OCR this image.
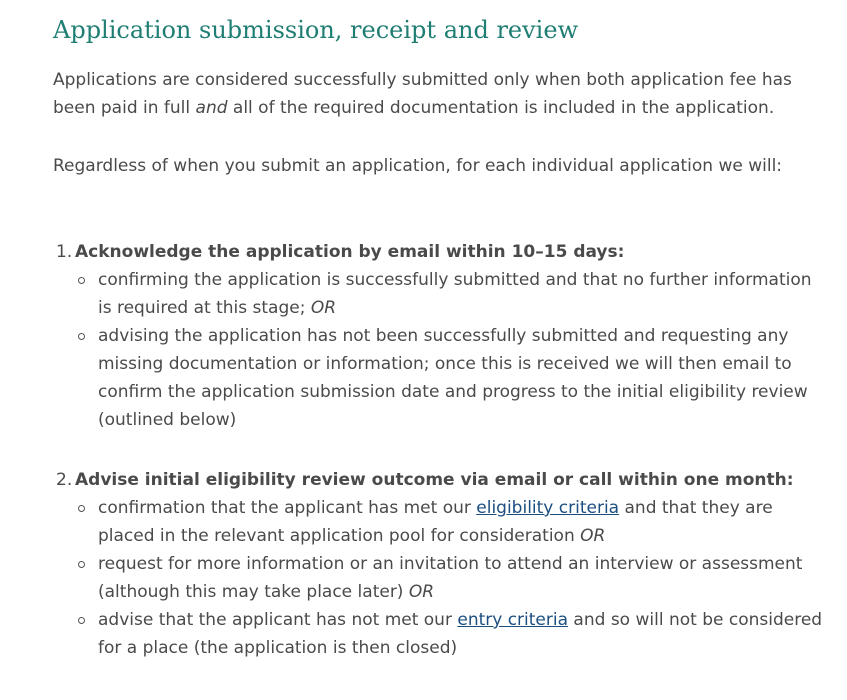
Application submission, receipt and review

Applications are considered successfully submitted only when both application fee has been paid in full and all of the required documentation is included in the application.

Regardless of when you submit an application, for each individual application we will:

1. Acknowledge the application by email within 10–15 days:
confirming the application is successfully submitted and that no further information is required at this stage; OR
advising the application has not been successfully submitted and requesting any missing documentation or information; once this is received we will then email to confirm the application submission date and progress to the initial eligibility review (outlined below)
2. Advise initial eligibility review outcome via email or call within one month:
confirmation that the applicant has met our eligibility criteria and that they are placed in the relevant application pool for consideration OR
request for more information or an invitation to attend an interview or assessment (although this may take place later) OR
advise that the applicant has not met our entry criteria and so will not be considered for a place (the application is then closed)
